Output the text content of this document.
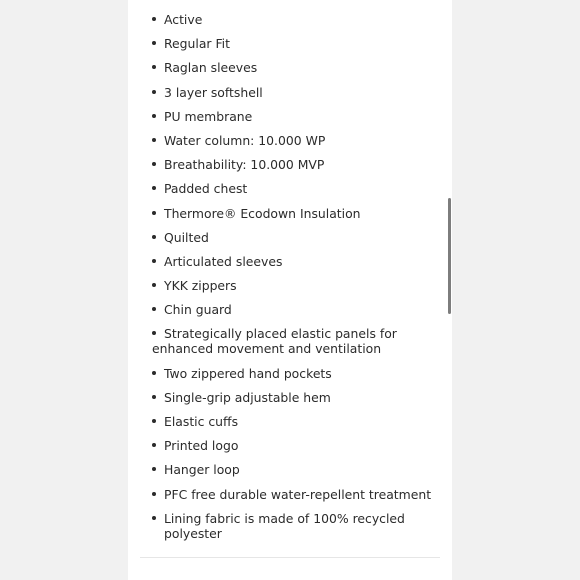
Active
Regular Fit
Raglan sleeves
3 layer softshell
PU membrane
Water column: 10.000 WP
Breathability: 10.000 MVP
Padded chest
Thermore® Ecodown Insulation
Quilted
Articulated sleeves
YKK zippers
Chin guard
Strategically placed elastic panels for enhanced movement and ventilation
Two zippered hand pockets
Single-grip adjustable hem
Elastic cuffs
Printed logo
Hanger loop
PFC free durable water-repellent treatment
Lining fabric is made of 100% recycled polyester
